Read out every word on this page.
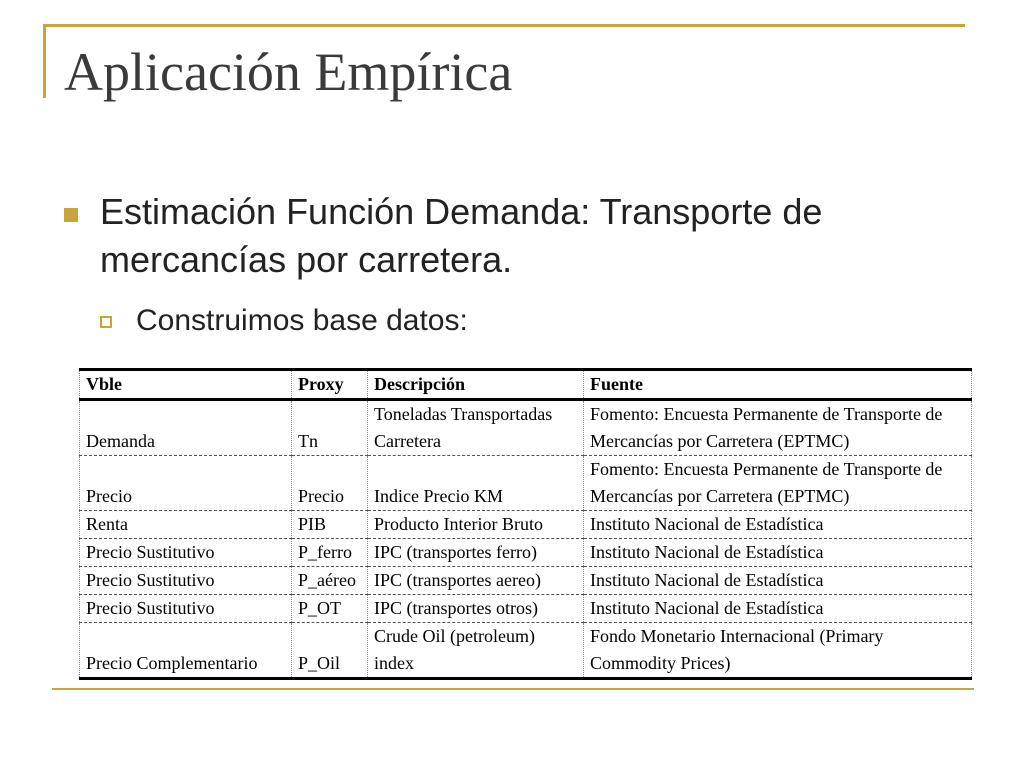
Aplicación Empírica
Estimación Función Demanda: Transporte de mercancías por carretera.
Construimos base datos:
Vble	Proxy	Descripción	Fuente
Demanda	Tn	Toneladas Transportadas Carretera	Fomento: Encuesta Permanente de Transporte de Mercancías por Carretera (EPTMC)
Precio	Precio	Indice Precio KM	Fomento: Encuesta Permanente de Transporte de Mercancías por Carretera (EPTMC)
Renta	PIB	Producto Interior Bruto	Instituto Nacional de Estadística
Precio Sustitutivo	P_ferro	IPC (transportes ferro)	Instituto Nacional de Estadística
Precio Sustitutivo	P_aéreo	IPC (transportes aereo)	Instituto Nacional de Estadística
Precio Sustitutivo	P_OT	IPC (transportes otros)	Instituto Nacional de Estadística
Precio Complementario	P_Oil	Crude Oil (petroleum) index	Fondo Monetario Internacional (Primary Commodity Prices)
